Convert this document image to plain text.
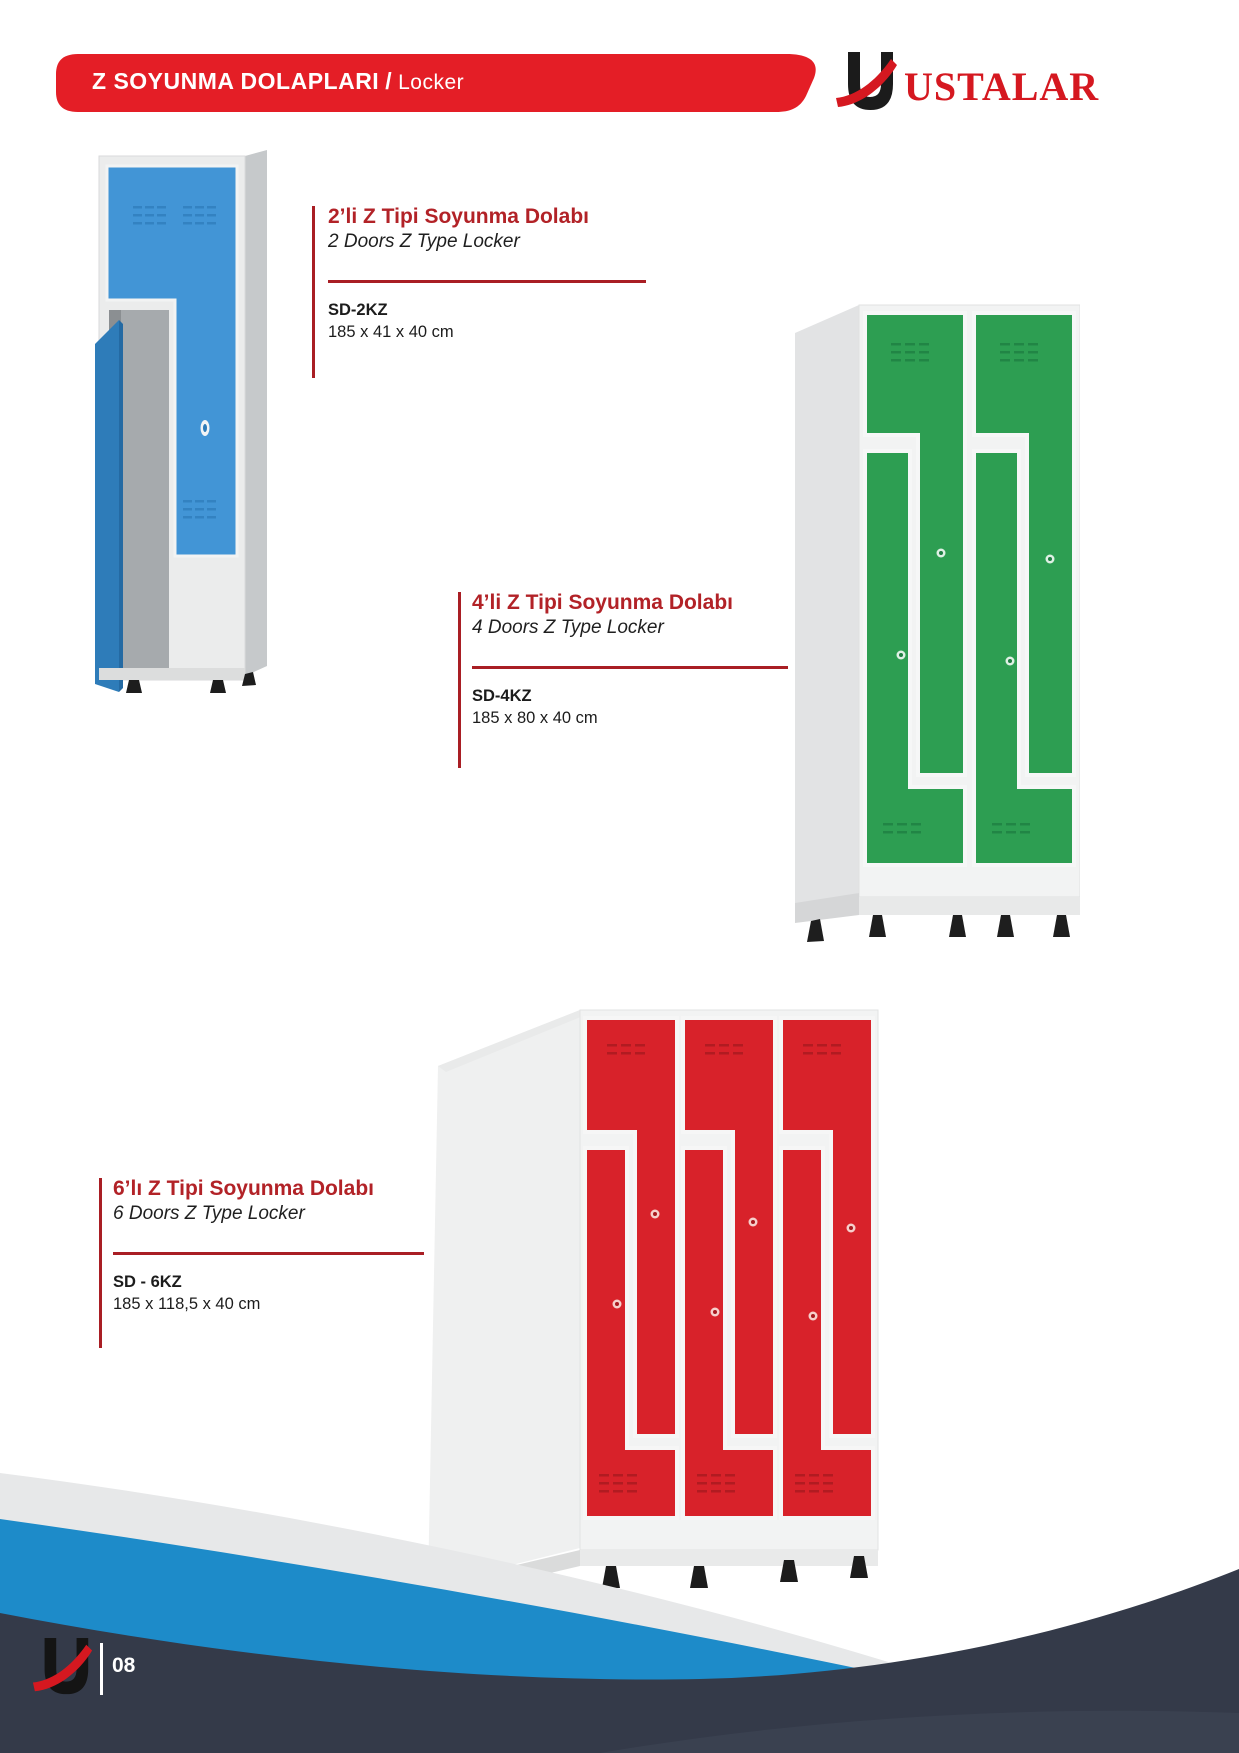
Z SOYUNMA DOLAPLARI / Locker	USTALAR
2’li Z Tipi Soyunma Dolabı
2 Doors Z Type Locker
SD-2KZ
185 x 41 x 40 cm
4’li Z Tipi Soyunma Dolabı
4 Doors Z Type Locker
SD-4KZ
185 x 80 x 40 cm
6’lı Z Tipi Soyunma Dolabı
6 Doors Z Type Locker
SD - 6KZ
185 x 118,5 x 40 cm
08
